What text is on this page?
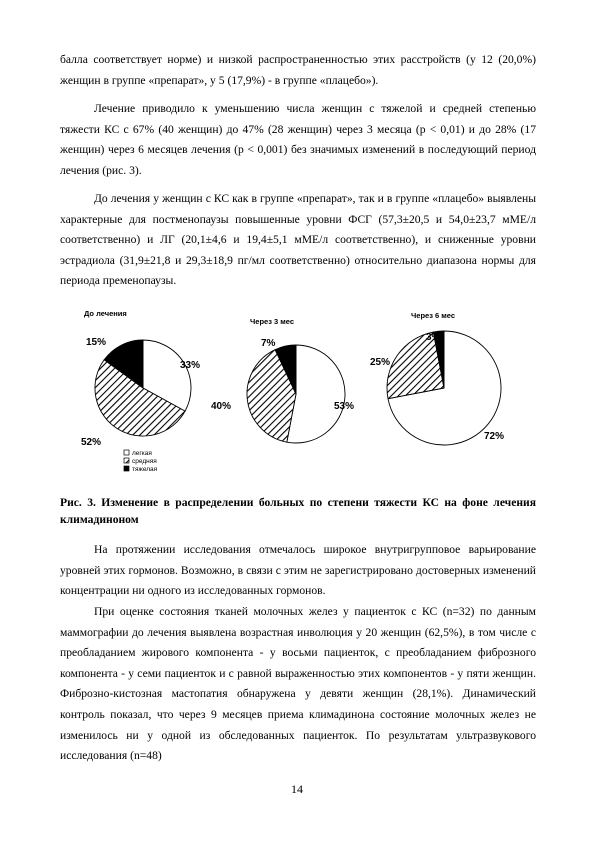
балла соответствует норме) и низкой распространенностью этих расстройств (у 12 (20,0%) женщин в группе «препарат», у 5 (17,9%) - в группе «плацебо»).

Лечение приводило к уменьшению числа женщин с тяжелой и средней степенью тяжести КС с 67% (40 женщин) до 47% (28 женщин) через 3 месяца (p < 0,01) и до 28% (17 женщин) через 6 месяцев лечения (p < 0,001) без значимых изменений в последующий период лечения (рис. 3).

До лечения у женщин с КС как в группе «препарат», так и в группе «плацебо» выявлены характерные для постменопаузы повышенные уровни ФСГ (57,3±20,5 и 54,0±23,7 мМЕ/л соответственно) и ЛГ (20,1±4,6 и 19,4±5,1 мМЕ/л соответственно), и сниженные уровни эстрадиола (31,9±21,8 и 29,3±18,9 пг/мл соответственно) относительно диапазона нормы для периода пременопаузы.

До лечения
Через 3 мес
Через 6 мес
33%
52%
15%
53%
40%
7%
72%
25%
3%
легкая
средняя
тяжелая

Рис. 3. Изменение в распределении больных по степени тяжести КС на фоне лечения климадиноном

На протяжении исследования отмечалось широкое внутригрупповое варьирование уровней этих гормонов. Возможно, в связи с этим не зарегистрировано достоверных изменений концентрации ни одного из исследованных гормонов.

При оценке состояния тканей молочных желез у пациенток с КС (n=32) по данным маммографии до лечения выявлена возрастная инволюция у 20 женщин (62,5%), в том числе с преобладанием жирового компонента - у восьми пациенток, с преобладанием фиброзного компонента - у семи пациенток и с равной выраженностью этих компонентов - у пяти женщин. Фиброзно-кистозная мастопатия обнаружена у девяти женщин (28,1%). Динамический контроль показал, что через 9 месяцев приема климадинона состояние молочных желез не изменилось ни у одной из обследованных пациенток. По результатам ультразвукового исследования (n=48)

14
